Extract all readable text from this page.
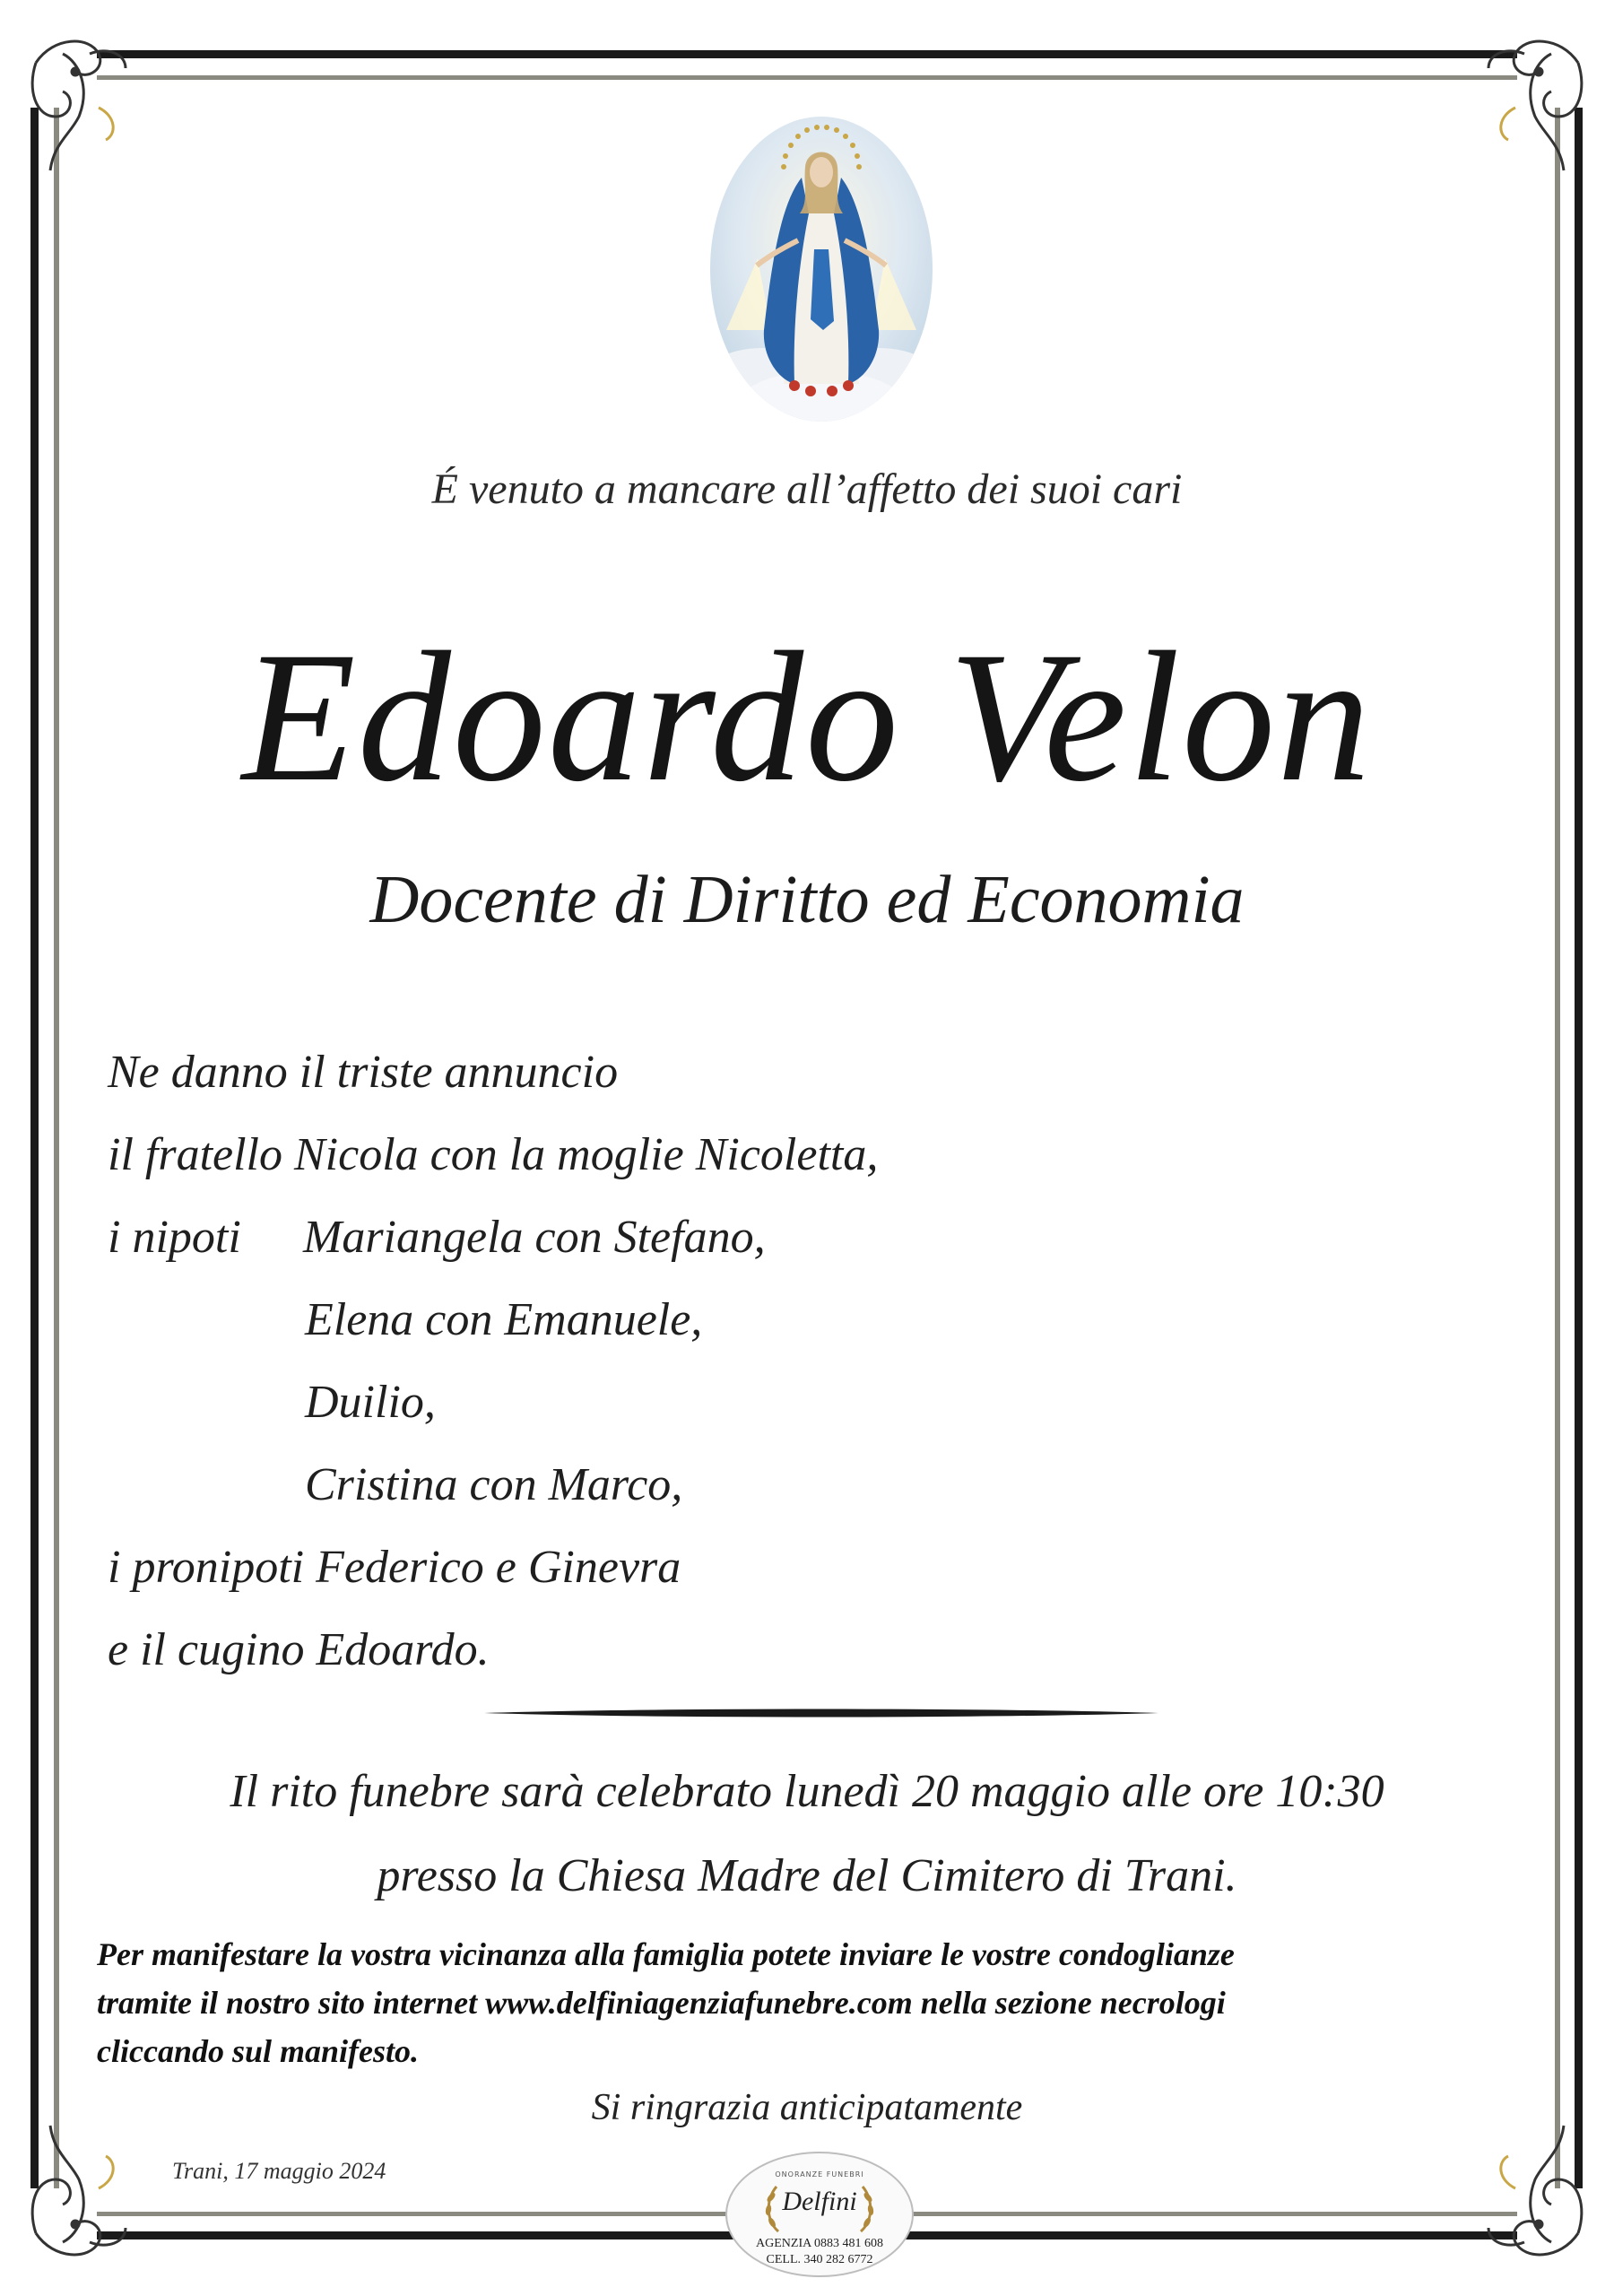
É venuto a mancare all’affetto dei suoi cari
Edoardo Velon
Docente di Diritto ed Economia
Ne danno il triste annuncio
il fratello Nicola con la moglie Nicoletta,
i nipoti Mariangela con Stefano,
Elena con Emanuele,
Duilio,
Cristina con Marco,
i pronipoti Federico e Ginevra
e il cugino Edoardo.
Il rito funebre sarà celebrato lunedì 20 maggio alle ore 10:30
presso la Chiesa Madre del Cimitero di Trani.
Per manifestare la vostra vicinanza alla famiglia potete inviare le vostre condoglianze
tramite il nostro sito internet www.delfiniagenziafunebre.com nella sezione necrologi
cliccando sul manifesto.
Si ringrazia anticipatamente
Trani, 17 maggio 2024	ONORANZE FUNEBRI
Delfini
AGENZIA 0883 481 608
CELL. 340 282 6772
